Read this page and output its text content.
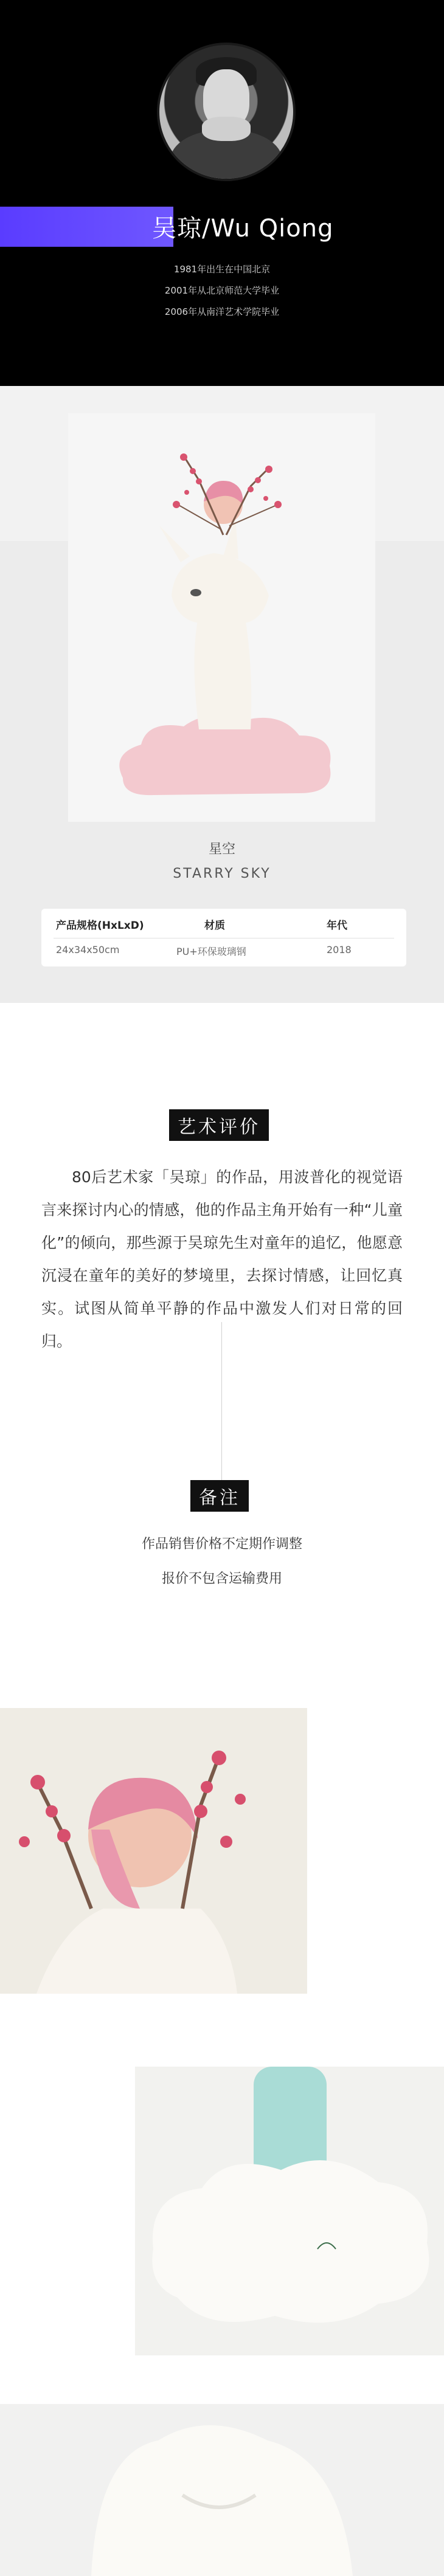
吴琼/Wu Qiong
1981年出生在中国北京
2001年从北京师范大学毕业
2006年从南洋艺术学院毕业
星空
STARRY SKY
产品规格(HxLxD)	材质	年代
24x34x50cm	PU+环保玻璃钢	2018
艺术评价
80后艺术家「吴琼」的作品，用波普化的视觉语言来探讨内心的情感，他的作品主角开始有一种“儿童化”的倾向，那些源于吴琼先生对童年的追忆，他愿意沉浸在童年的美好的梦境里，去探讨情感，让回忆真实。试图从简单平静的作品中激发人们对日常的回归。
备注
作品销售价格不定期作调整
报价不包含运输费用
